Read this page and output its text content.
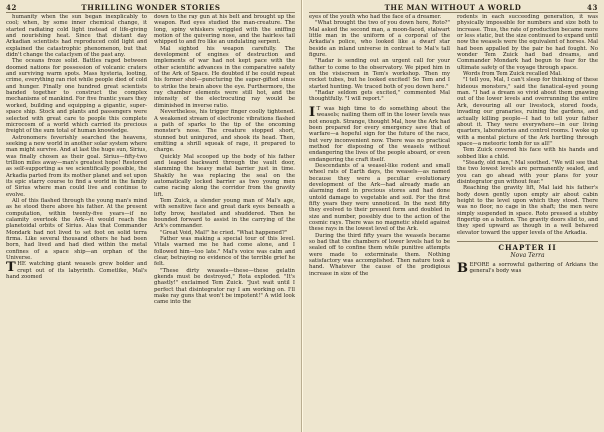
42	THRILLING WONDER STORIES

humanity when the sun began inexplicably to cool; when, by some inner chemical change, it started radiating cold light instead of life-giving and nourishing heat. Since that distant day Arkadian scientists had reproduced cold light and explained the catastrophic phenomenon, but that didn't change the cataclysm of the past any.

The oceans froze solid. Battles raged between doomed nations for possession of volcanic craters and surviving warm spots. Mass hysteria, looting, crime, everything ran riot while people died of cold and hunger. Finally one hundred great scientists banded together to construct the complex mechanisms of mankind. For five frantic years they worked, building and equipping a gigantic, super-space ship. Stock and plants and passengers were selected with great care to people this complete microcosm of a world which carried its precious freight of the sum total of human knowledge.

Astronomers feverishly searched the heavens, seeking a new world in another solar system where man might survive. And at last the huge sun, Sirius, was finally chosen as their goal. Sirius—fifty-two trillion miles away—man's greatest hope! Restored as self-supporting as we scientifically possible, the Arkadia parted from its mother planet and set upon its epic starry course to find a world in the family of Sirius where man could live and continue to evolve.

All of this flashed through the young man's mind as he stood there above his father. At the present computation, within twenty-five years—if no calamity overtook the Ark—it would reach the planetoidal orbits of Sirius. Alas that Commander Mondark had not lived to set foot on solid terra firma. Like several thousand others he had been born, had lived and had died within the metal confines of a space ship—an orphan of the Universe.

THE watching giant weasels grew bolder and crept out of its labyrinth. Cometlike, Mal's hand zoomed

down to the ray gun at his belt and brought up the weapon. Red eyes studied the man-creature. The long, spiny whiskers wriggled with the sniffing motion of the quivering nose, and the hairless tail whipped to and fro like an undulating serpent.

Mal sighted his weapon carefully. The development of engines of destruction and implements of war had not kept pace with the other scientific advances in the comparative safety of the Ark of Space. He doubted if he could repeat his former shot—puncturing the super-gifted sinus to strike the brain above the eye. Furthermore, the ray chamber elements were still hot, and the intensity of the electrocuting ray would be diminished in inverse ratio.

Nevertheless, his trigger finger coolly tightened. A weakened stream of electronic vibrations flashed a path of sparks to the tip of the oncoming monster's nose. The creature stopped short, stunned but uninjured, and shook its head. Then, emitting a shrill squeak of rage, it prepared to charge.

Quickly Mal scooped up the body of his father and leaped backward through the vault door, slamming the heavy metal barrier just in time. Shakily he was replacing the seal on the automatically locked barrier as two young men came racing along the corridor from the gravity lift.

Tem Zuick, a slender young man of Mal's age, with sensitive face and great dark eyes beneath a lofty brow, hesitated and shuddered. Then he bounded forward to assist in the carrying of the Ark's commander.

"Great Void, Mal!" he cried. "What happened?"

Father was making a special tour of this level. Vitals warned me he had come alone, and I followed him—too late." Mal's voice was calm and clear, betraying no evidence of the terrible grief he felt.

"These dirty weasels—these—these gelatin gkends must be destroyed," Rota exploded. "It's ghastly!" exclaimed Tem Zuick. "Just wait until I perfect that disintegrator ray I am working on. I'll make ray guns that won't be impotent!" A wild look came into the

THE MAN WITHOUT A WORLD	43

eyes of the youth who had the face of a dreamer.

"What brought the two of you down here, Roto?" Mal asked the second man, a moon-faced, stalwart little man in the uniform of a corporal of the Arkadia's police, who looked like a dwarf star beside an inland universe in contrast to Mal's tall figure.

"Radar is sending out an urgent call for your father to come to the observatory. We piped him in on the visiscreen in Tem's workshop. Then my rocket tubes, but he looked excited! So Tem and I started hunting. We traced both of you down here."

"Radar seldom gets excited," commented Mal thoughtfully. "I will report."

I T was high time to do something about the weasels; nailing them off in the lower levels was not enough. Strange, thought Mal, how the Ark had been prepared for every emergency save that of warfare—a hopeful sign for the future of the race, but very inconvenient now. There was no practical method for disposing of the weasels without endangering the lives of the people aboard, or even endangering the craft itself.

Descendants of a weasel-like rodent and small wheel rats of Earth days, the weasels—as named because they were a peculiar evolutionary development of the Ark—had already made an alarming dent in precious stores and had done untold damage to vegetable and soil. For the first fifty years they were unnoticed. In the next fifty they evolved to their present form and doubled in size and number, possibly due to the action of the cosmic rays. There was no magnetic shield against these rays in the lowest level of the Ark.

During the third fifty years the weasels became so bad that the chambers of lower levels had to be sealed off to confine them while punitive attempts were made to exterminate them. Nothing satisfactory was accomplished. Then nature took a hand. Whatever the cause of the prodigious increase in size of the

rodents in each succeeding generation, it was physically impossible for numbers and size both to increase. Thus, the rate of production became more or less static, but the size continued to expand until now the weasels were the equivalent of horses. Mal had been appalled by the pair he had fought. No wonder Tem Zuick had bad dreams, and Commander Mondark had begun to fear for the ultimate safety of the voyage through space.

Words from Tem Zuick recalled Mal.

"I tell you, Mal, I can't sleep for thinking of these hideous monsters," said the fanatical-eyed young man. "I had a dream so vivid about them gnawing out of the lower levels and overrunning the entire Ark, devouring all our livestock, stored foods, invading our granaries, ruining the gardens, and actually killing people—I had to tell your father about it. They were everywhere—in our living quarters, laboratories and control rooms. I woke up with a mental picture of the Ark hurtling through space—a meteoric tomb for us all!"

Tem Zuick covered his face with his hands and sobbed like a child.

"Steady, old man," Mal soothed. "We will see that the two lowest levels are permanently sealed, and you can go ahead with your plans for your disintegrator gun without fear."

Reaching the gravity lift, Mal laid his father's body down gently upon empty air about cabin height to the level upon which they stood. There was no floor, no cage in the shaft; the men were simply suspended in space. Roto pressed a stubby fingertip on a button. The gravity doors slid to, and they sped upward as though in a well behaved elevator toward the upper levels of the Arkadia.

CHAPTER II
Nova Terra

BEFORE a sorrowful gathering of Arkians the general's body was
